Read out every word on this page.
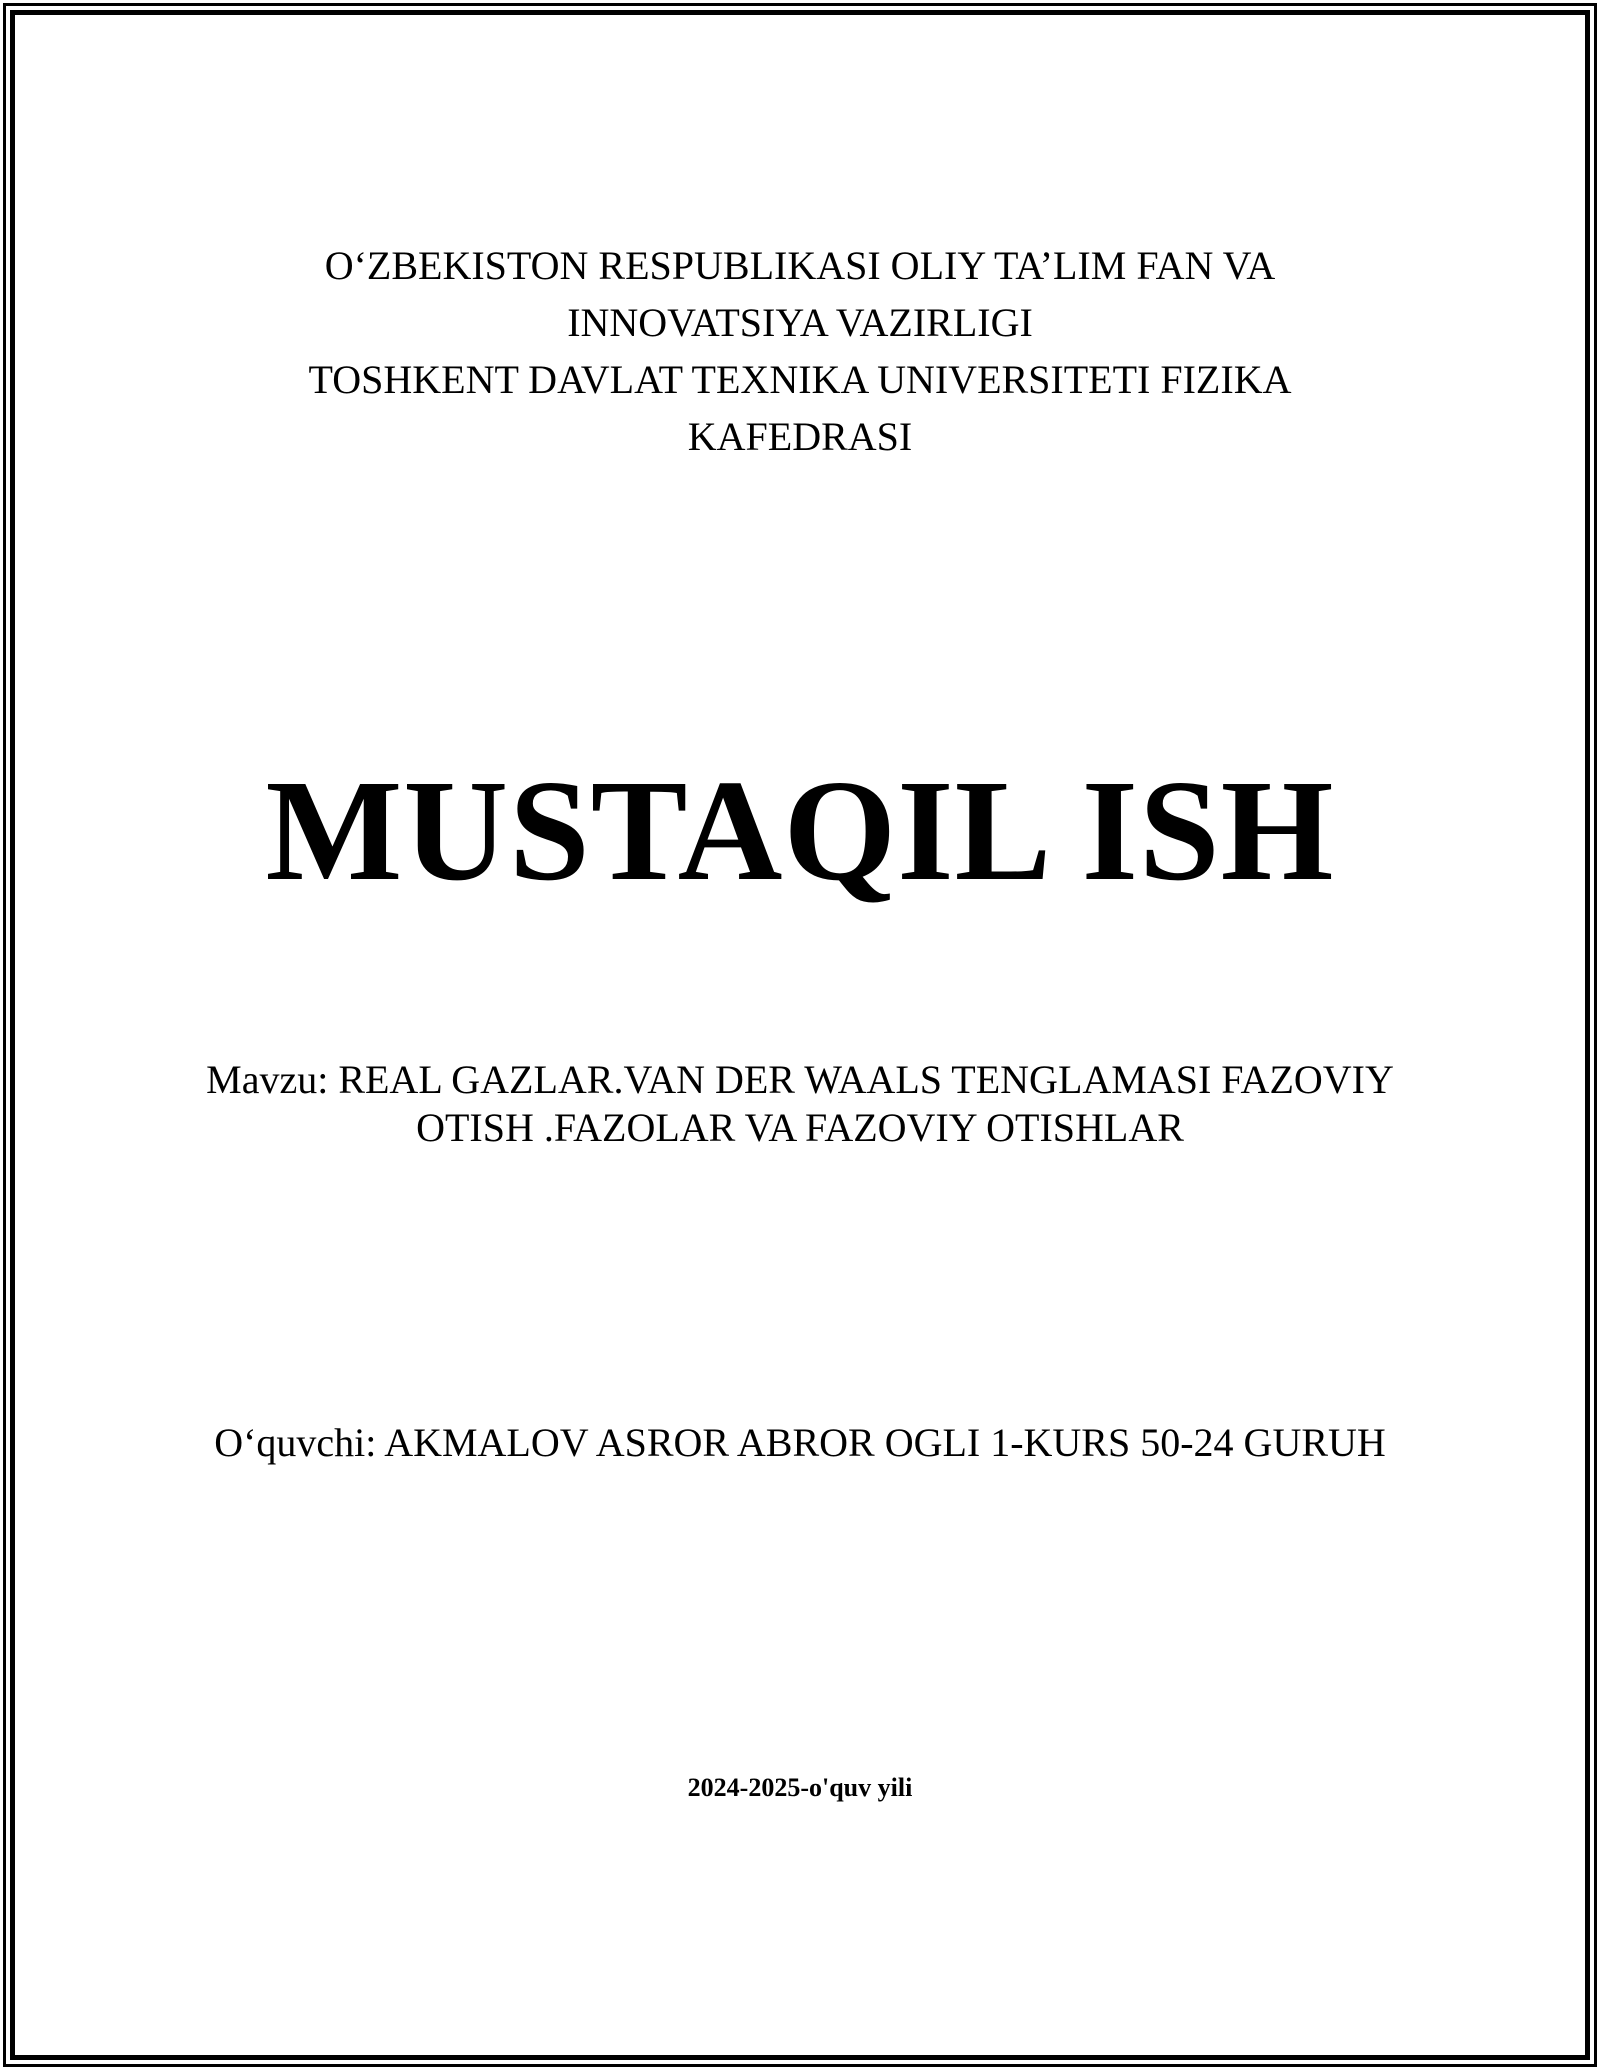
O‘ZBEKISTON RESPUBLIKASI OLIY TA’LIM FAN VA
INNOVATSIYA VAZIRLIGI
TOSHKENT DAVLAT TEXNIKA UNIVERSITETI FIZIKA
KAFEDRASI
MUSTAQIL ISH
Mavzu: REAL GAZLAR.VAN DER WAALS TENGLAMASI FAZOVIY
OTISH .FAZOLAR VA FAZOVIY OTISHLAR
O‘quvchi: AKMALOV ASROR ABROR OGLI 1-KURS 50-24 GURUH
2024-2025-o'quv yili
